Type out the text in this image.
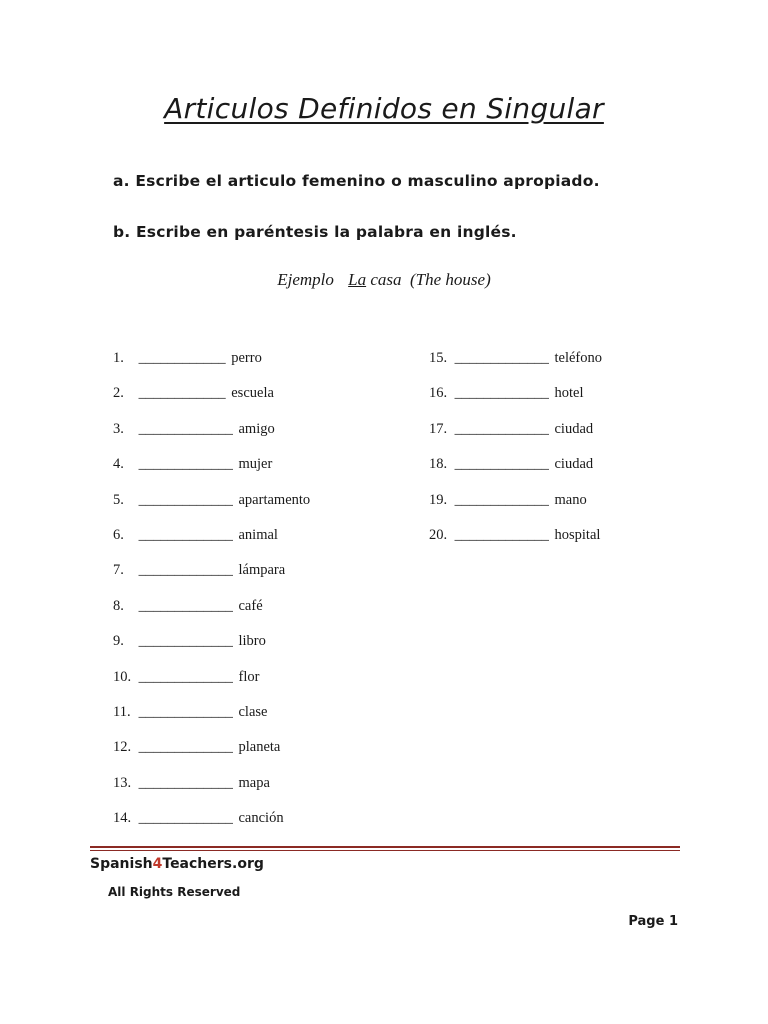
Articulos Definidos en Singular
a. Escribe el articulo femenino o masculino apropiado.
b. Escribe en paréntesis la palabra en inglés.
Ejemplo La casa  (The house)
1. ____________ perro
2. ____________ escuela
3. _____________ amigo
4. _____________ mujer
5. _____________ apartamento
6. _____________ animal
7. _____________ lámpara
8. _____________ café
9. _____________ libro
10. _____________ flor
11. _____________ clase
12. _____________ planeta
13. _____________ mapa
14. _____________ canción
15. _____________ teléfono
16. _____________ hotel
17. _____________ ciudad
18. _____________ ciudad
19. _____________ mano
20. _____________ hospital
Spanish4Teachers.org
All Rights Reserved
Page 1
